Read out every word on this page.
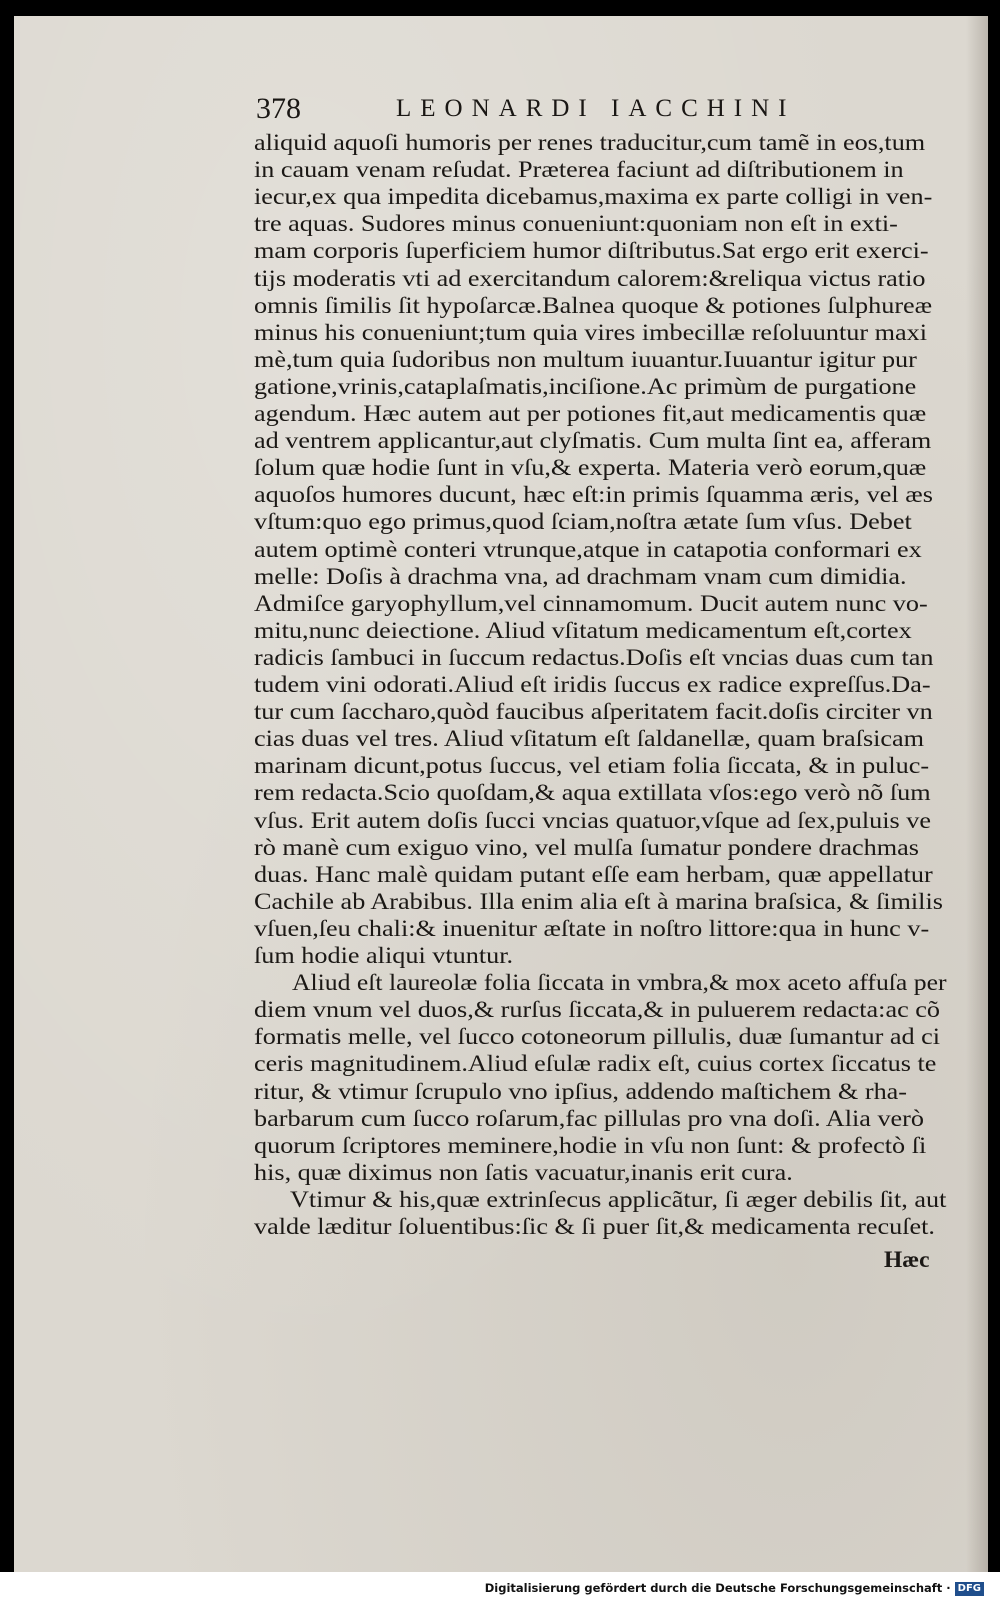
378	LEONARDI IACCHINI
aliquid aquoſi humoris per renes traducitur,cum tamẽ in eos,tum
in cauam venam reſudat. Præterea faciunt ad diſtributionem in
iecur,ex qua impedita dicebamus,maxima ex parte colligi in ven-
tre aquas. Sudores minus conueniunt:quoniam non eſt in exti-
mam corporis ſuperficiem humor diſtributus.Sat ergo erit exerci-
tijs moderatis vti ad exercitandum calorem:&reliqua victus ratio
omnis ſimilis ſit hypoſarcæ.Balnea quoque & potiones ſulphureæ
minus his conueniunt;tum quia vires imbecillæ reſoluuntur maxi
mè,tum quia ſudoribus non multum iuuantur.Iuuantur igitur pur
gatione,vrinis,cataplaſmatis,inciſione.Ac primùm de purgatione
agendum. Hæc autem aut per potiones fit,aut medicamentis quæ
ad ventrem applicantur,aut clyſmatis. Cum multa ſint ea, afferam
ſolum quæ hodie ſunt in vſu,& experta. Materia verò eorum,quæ
aquoſos humores ducunt, hæc eſt:in primis ſquamma æris, vel æs
vſtum:quo ego primus,quod ſciam,noſtra ætate ſum vſus. Debet
autem optimè conteri vtrunque,atque in catapotia conformari ex
melle: Doſis à drachma vna, ad drachmam vnam cum dimidia.
Admiſce garyophyllum,vel cinnamomum. Ducit autem nunc vo-
mitu,nunc deiectione. Aliud vſitatum medicamentum eſt,cortex
radicis ſambuci in ſuccum redactus.Doſis eſt vncias duas cum tan
tudem vini odorati.Aliud eſt iridis ſuccus ex radice expreſſus.Da-
tur cum ſaccharo,quòd faucibus aſperitatem facit.doſis circiter vn
cias duas vel tres. Aliud vſitatum eſt ſaldanellæ, quam braſsicam
marinam dicunt,potus ſuccus, vel etiam folia ſiccata, & in puluc-
rem redacta.Scio quoſdam,& aqua extillata vſos:ego verò nõ ſum
vſus. Erit autem doſis ſucci vncias quatuor,vſque ad ſex,puluis ve
rò manè cum exiguo vino, vel mulſa ſumatur pondere drachmas
duas. Hanc malè quidam putant eſſe eam herbam, quæ appellatur
Cachile ab Arabibus. Illa enim alia eſt à marina braſsica, & ſimilis
vſuen,ſeu chali:& inuenitur æſtate in noſtro littore:qua in hunc v-
ſum hodie aliqui vtuntur.
Aliud eſt laureolæ folia ſiccata in vmbra,& mox aceto affuſa per
diem vnum vel duos,& rurſus ſiccata,& in puluerem redacta:ac cõ
formatis melle, vel ſucco cotoneorum pillulis, duæ ſumantur ad ci
ceris magnitudinem.Aliud eſulæ radix eſt, cuius cortex ſiccatus te
ritur, & vtimur ſcrupulo vno ipſius, addendo maſtichem & rha-
barbarum cum ſucco roſarum,fac pillulas pro vna doſi. Alia verò
quorum ſcriptores meminere,hodie in vſu non ſunt: & profectò ſi
his, quæ diximus non ſatis vacuatur,inanis erit cura.
Vtimur & his,quæ extrinſecus applicãtur, ſi æger debilis ſit, aut
valde læditur ſoluentibus:ſic & ſi puer ſit,& medicamenta recuſet.
Hæc
Digitalisierung gefördert durch die Deutsche Forschungsgemeinschaft · DFG
